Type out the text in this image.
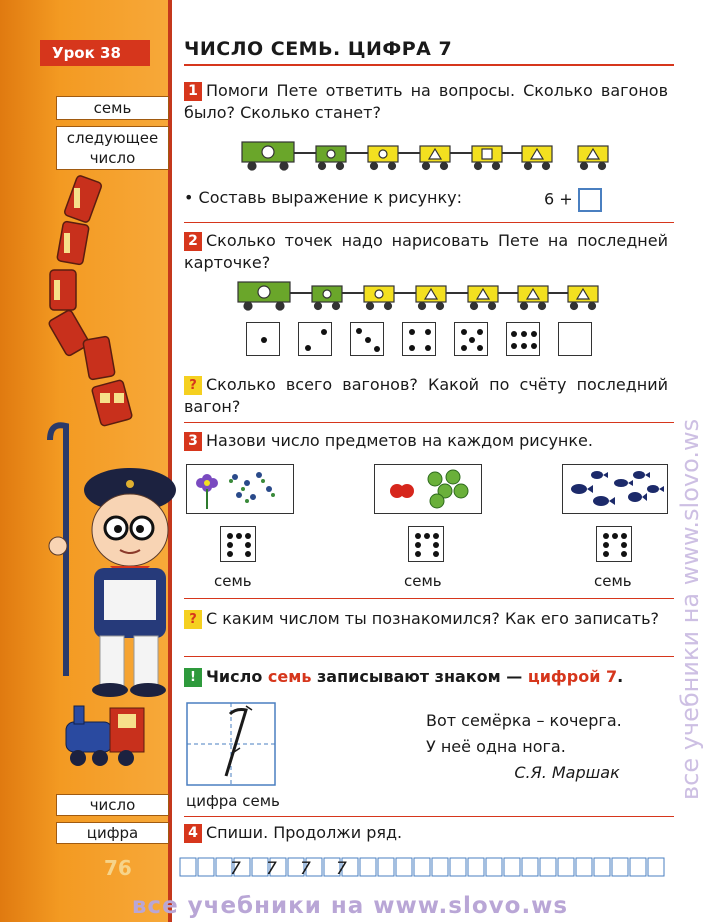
Урок 38
семь
следующее число
число
цифра
76
ЧИСЛО СЕМЬ. ЦИФРА 7
1 Помоги Пете ответить на вопросы. Сколько вагонов было? Сколько станет?
• Составь выражение к рисунку:	6 +
2 Сколько точек надо нарисовать Пете на последней карточке?
? Сколько всего вагонов? Какой по счёту последний вагон?
3 Назови число предметов на каждом рисунке.
семь	семь	семь
? С каким числом ты познакомился? Как его записать?
! Число семь записывают знаком — цифрой 7.
Вот семёрка – кочерга.
У неё одна нога.
С.Я. Маршак
цифра семь
4 Спиши. Продолжи ряд.
7 7 7 7
все учебники на www.slovo.ws
все учебники на www.slovo.ws
